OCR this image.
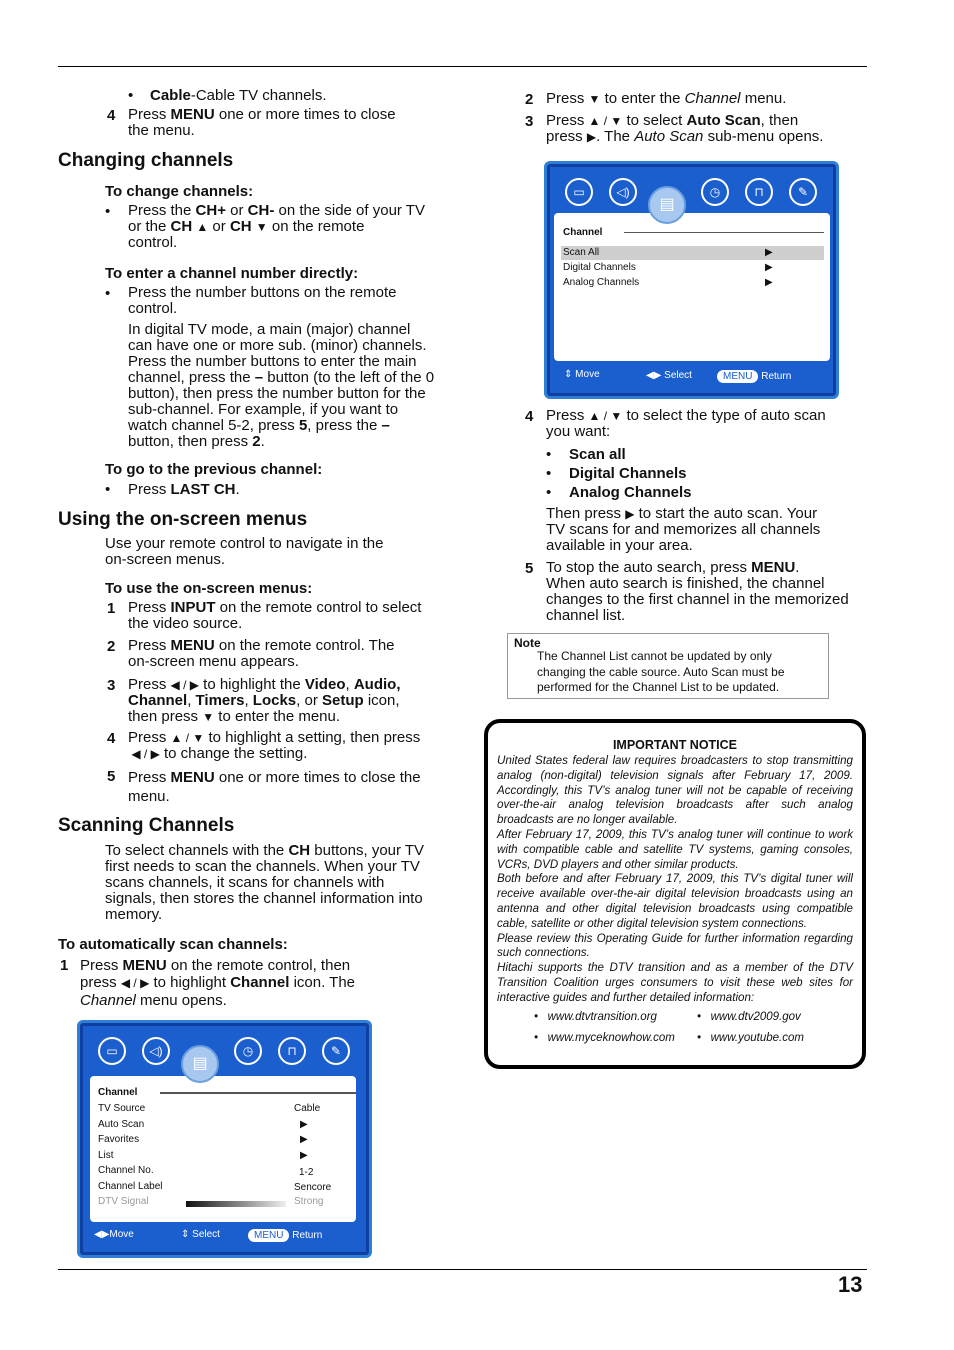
13
• Cable-Cable TV channels.
4 Press MENU one or more times to close
the menu.
Changing channels
To change channels:
• Press the CH+ or CH- on the side of your TV
or the CH ▲ or CH ▼ on the remote
control.
To enter a channel number directly:
• Press the number buttons on the remote
control.
In digital TV mode, a main (major) channel
can have one or more sub. (minor) channels.
Press the number buttons to enter the main
channel, press the – button (to the left of the 0
button), then press the number button for the
sub-channel. For example, if you want to
watch channel 5-2, press 5, press the –
button, then press 2.
To go to the previous channel:
• Press LAST CH.
Using the on-screen menus
Use your remote control to navigate in the
on-screen menus.
To use the on-screen menus:
1 Press INPUT on the remote control to select
the video source.
2 Press MENU on the remote control. The
on-screen menu appears.
3 Press ◀ / ▶ to highlight the Video, Audio,
Channel, Timers, Locks, or Setup icon,
then press ▼ to enter the menu.
4 Press ▲ / ▼ to highlight a setting, then press
◀ / ▶ to change the setting.
5 Press MENU one or more times to close the
menu.
Scanning Channels
To select channels with the CH buttons, your TV
first needs to scan the channels. When your TV
scans channels, it scans for channels with
signals, then stores the channel information into
memory.
To automatically scan channels:
1 Press MENU on the remote control, then
press ◀ / ▶ to highlight Channel icon. The
Channel menu opens.
▭	◁)	◷	⊓	✎
Channel
TV Source	Cable
Auto Scan	▶
Favorites	▶
List	▶
Channel No.	1-2
Channel Label	Sencore
DTV Signal	Strong
▤
◀▶Move	⇕ Select	MENU Return
2 Press ▼ to enter the Channel menu.
3 Press ▲ / ▼ to select Auto Scan, then
press ▶. The Auto Scan sub-menu opens.
▭	◁)	◷	⊓	✎
Channel
Scan All	▶
Digital Channels	▶
Analog Channels	▶
▤
⇕ Move	◀▶ Select	MENU Return
4 Press ▲ / ▼ to select the type of auto scan
you want:
• Scan all
• Digital Channels
• Analog Channels
Then press ▶ to start the auto scan. Your
TV scans for and memorizes all channels
available in your area.
5 To stop the auto search, press MENU.
When auto search is finished, the channel
changes to the first channel in the memorized
channel list.
Note
The Channel List cannot be updated by only
changing the cable source. Auto Scan must be
performed for the Channel List to be updated.
IMPORTANT NOTICE

United States federal law requires broadcasters to stop transmitting analog (non-digital) television signals after February 17, 2009. Accordingly, this TV’s analog tuner will not be capable of receiving over-the-air analog television broadcasts after such analog broadcasts are no longer available.

After February 17, 2009, this TV’s analog tuner will continue to work with compatible cable and satellite TV systems, gaming consoles, VCRs, DVD players and other similar products.

Both before and after February 17, 2009, this TV’s digital tuner will receive available over-the-air digital television broadcasts using an antenna and other digital television broadcasts using compatible cable, satellite or other digital television system connections.

Please review this Operating Guide for further information regarding such connections.

Hitachi supports the DTV transition and as a member of the DTV Transition Coalition urges consumers to visit these web sites for interactive guides and further detailed information:

•   www.dtvtransition.org	•   www.dtv2009.gov
•   www.myceknowhow.com •   www.youtube.com
